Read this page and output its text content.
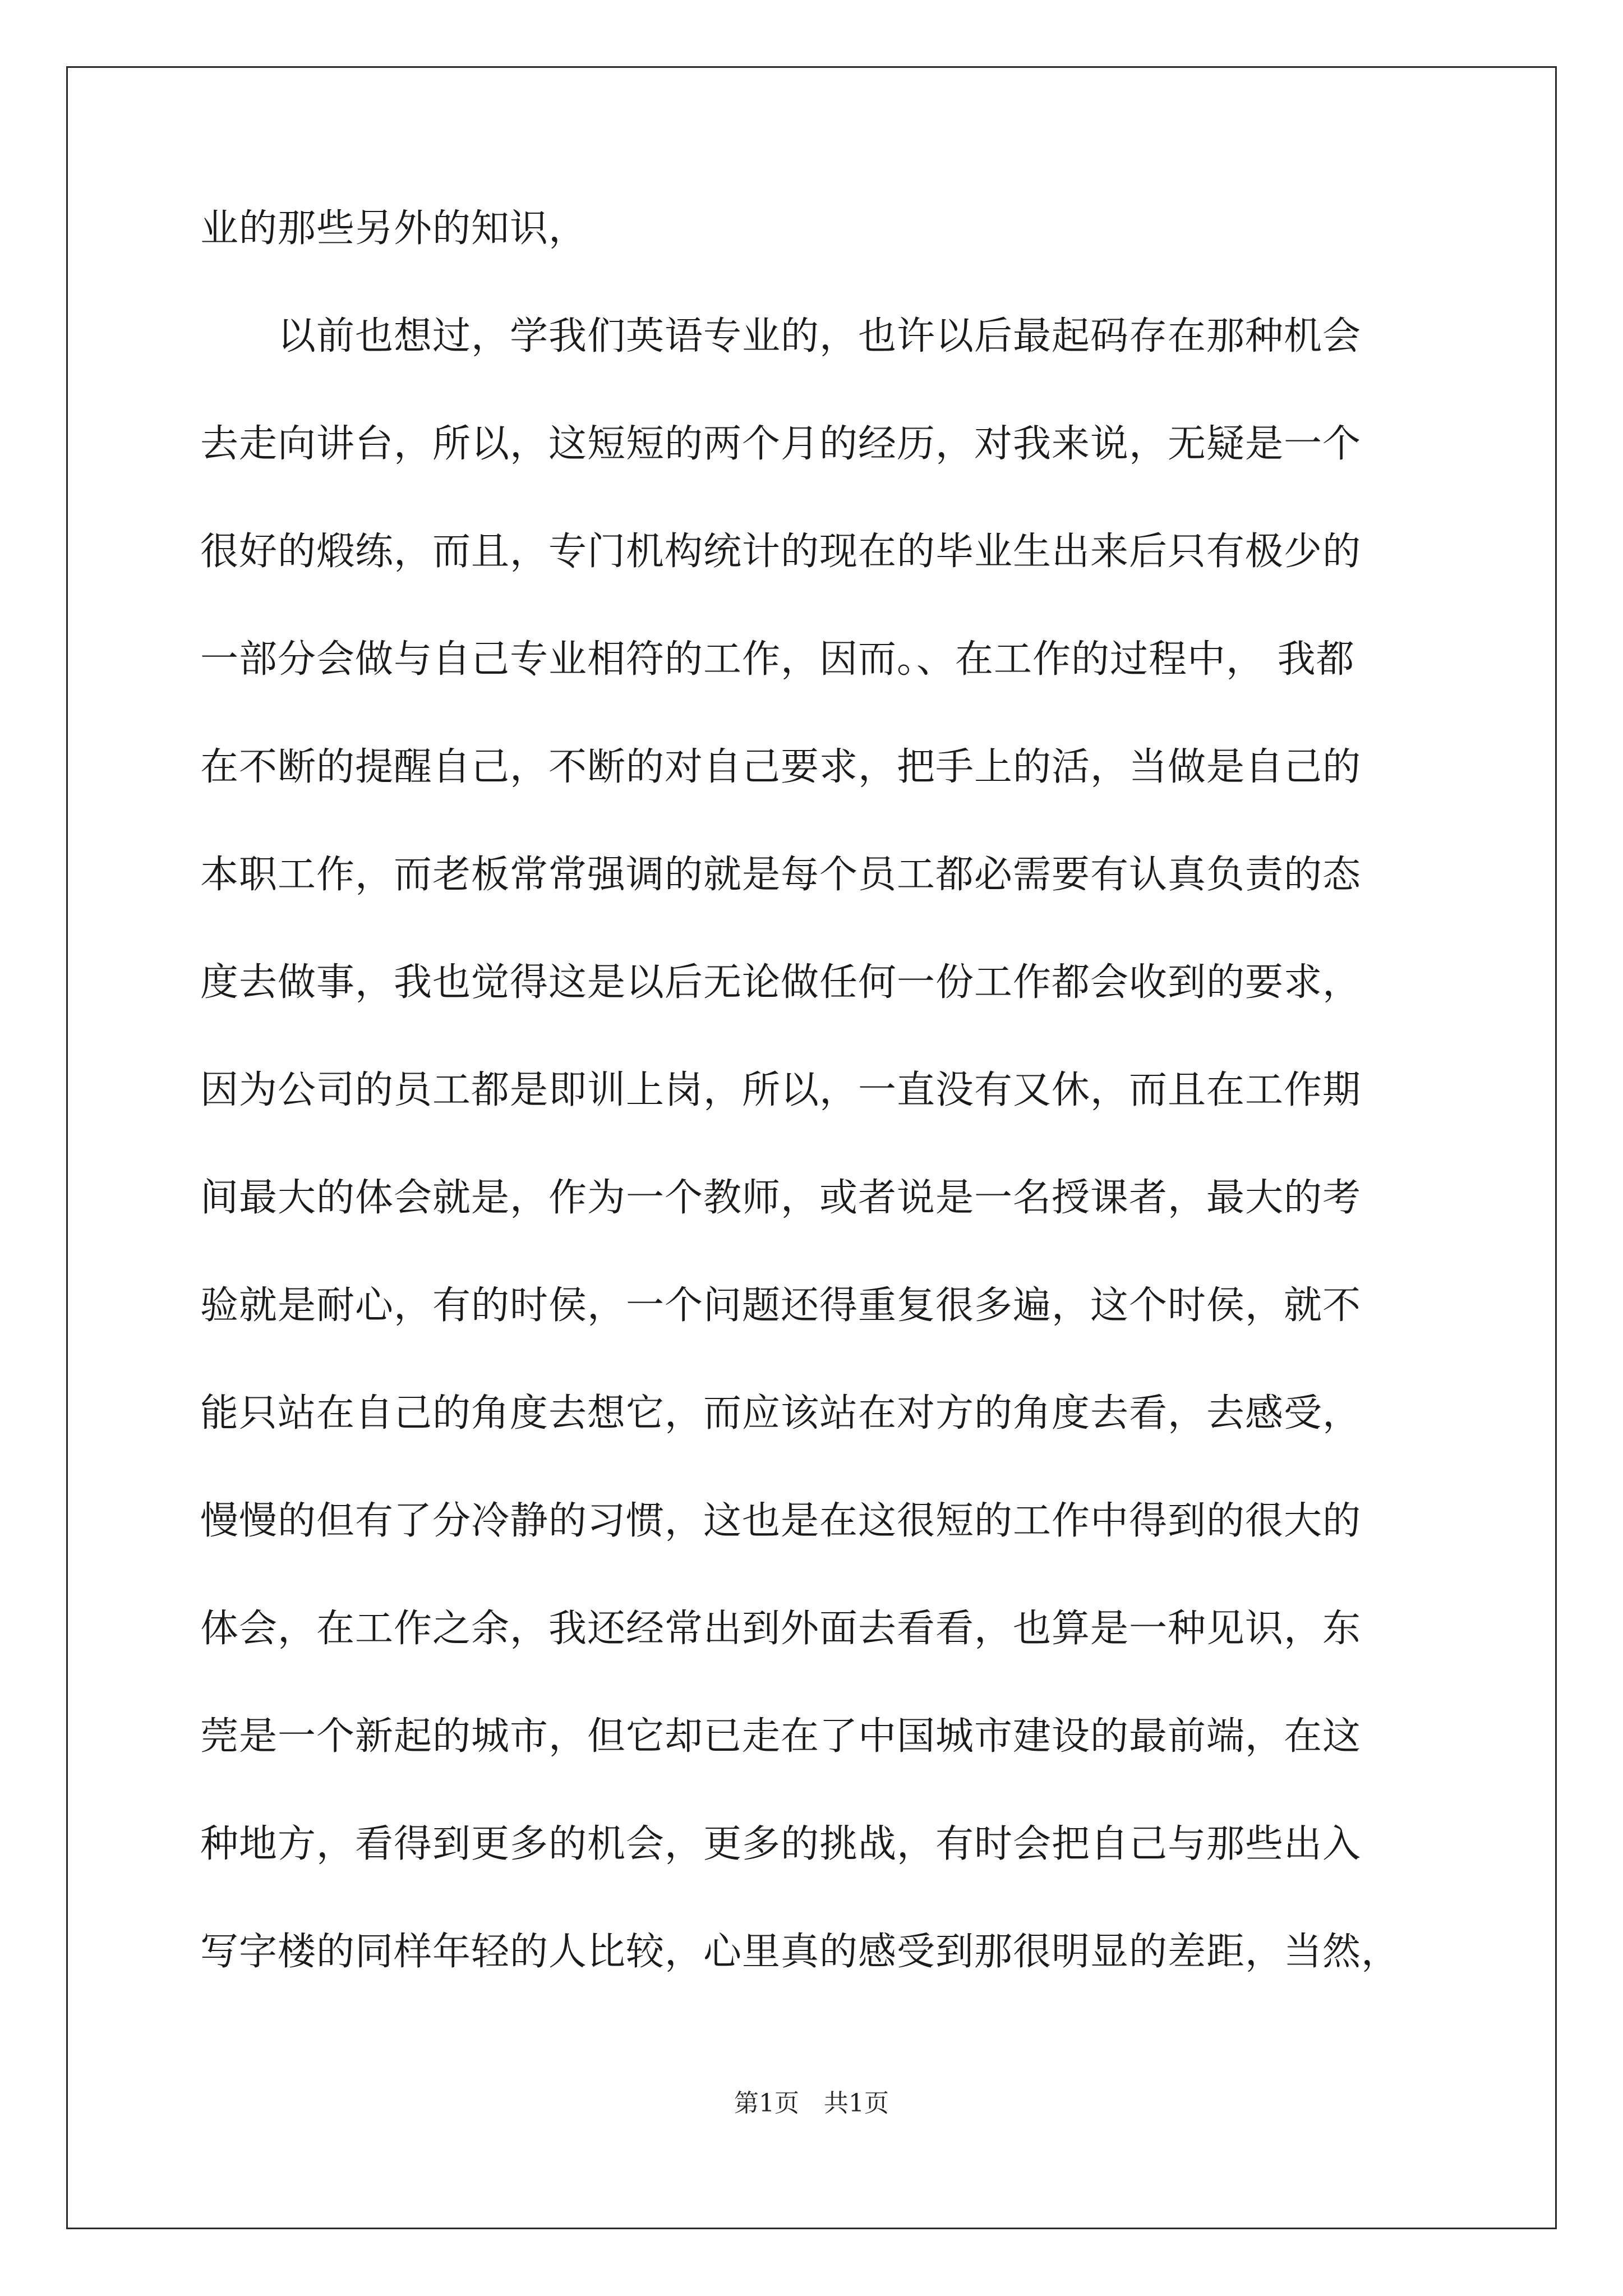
业的那些另外的知识，
　　以前也想过，学我们英语专业的，也许以后最起码存在那种机会
去走向讲台，所以，这短短的两个月的经历，对我来说，无疑是一个
很好的煅练，而且，专门机构统计的现在的毕业生出来后只有极少的
一部分会做与自己专业相符的工作，因而。、在工作的过程中， 我都
在不断的提醒自己，不断的对自己要求，把手上的活，当做是自己的
本职工作，而老板常常强调的就是每个员工都必需要有认真负责的态
度去做事，我也觉得这是以后无论做任何一份工作都会收到的要求，
因为公司的员工都是即训上岗，所以，一直没有又休，而且在工作期
间最大的体会就是，作为一个教师，或者说是一名授课者，最大的考
验就是耐心，有的时侯，一个问题还得重复很多遍，这个时侯，就不
能只站在自己的角度去想它，而应该站在对方的角度去看，去感受，
慢慢的但有了分冷静的习惯，这也是在这很短的工作中得到的很大的
体会，在工作之余，我还经常出到外面去看看，也算是一种见识，东
莞是一个新起的城市，但它却已走在了中国城市建设的最前端，在这
种地方，看得到更多的机会，更多的挑战，有时会把自己与那些出入
写字楼的同样年轻的人比较，心里真的感受到那很明显的差距，当然，
第1页 共1页
